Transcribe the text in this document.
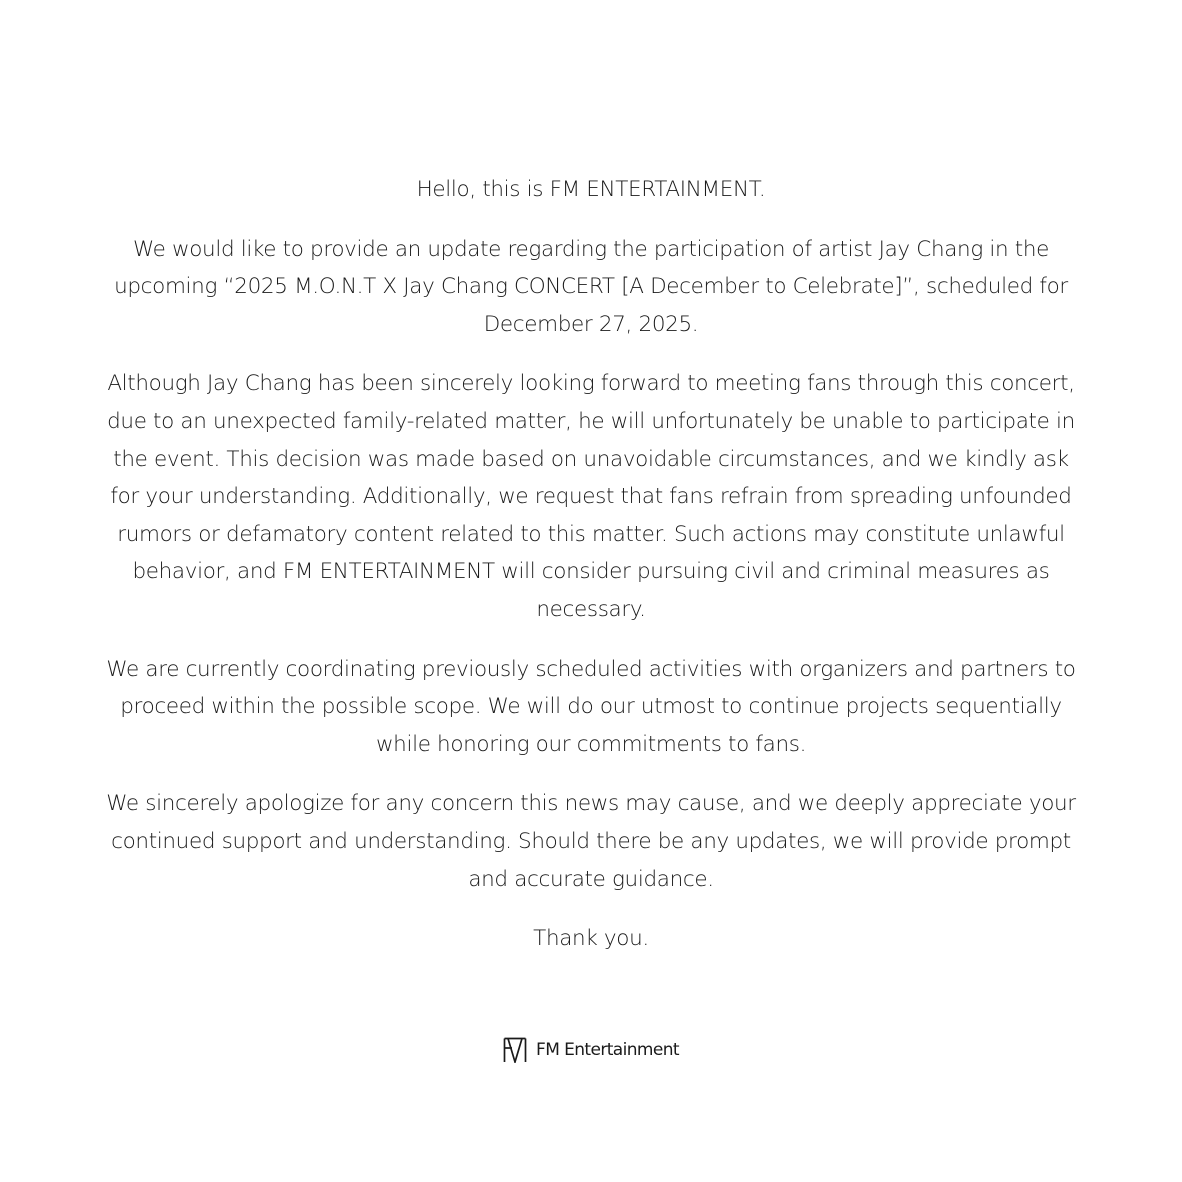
Hello, this is FM ENTERTAINMENT.

We would like to provide an update regarding the participation of artist Jay Chang in the upcoming “2025 M.O.N.T X Jay Chang CONCERT [A December to Celebrate]”, scheduled for December 27, 2025.

Although Jay Chang has been sincerely looking forward to meeting fans through this concert, due to an unexpected family-related matter, he will unfortunately be unable to participate in the event. This decision was made based on unavoidable circumstances, and we kindly ask for your understanding. Additionally, we request that fans refrain from spreading unfounded rumors or defamatory content related to this matter. Such actions may constitute unlawful behavior, and FM ENTERTAINMENT will consider pursuing civil and criminal measures as necessary.

We are currently coordinating previously scheduled activities with organizers and partners to proceed within the possible scope. We will do our utmost to continue projects sequentially while honoring our commitments to fans.

We sincerely apologize for any concern this news may cause, and we deeply appreciate your continued support and understanding. Should there be any updates, we will provide prompt and accurate guidance.

Thank you.

FM Entertainment
